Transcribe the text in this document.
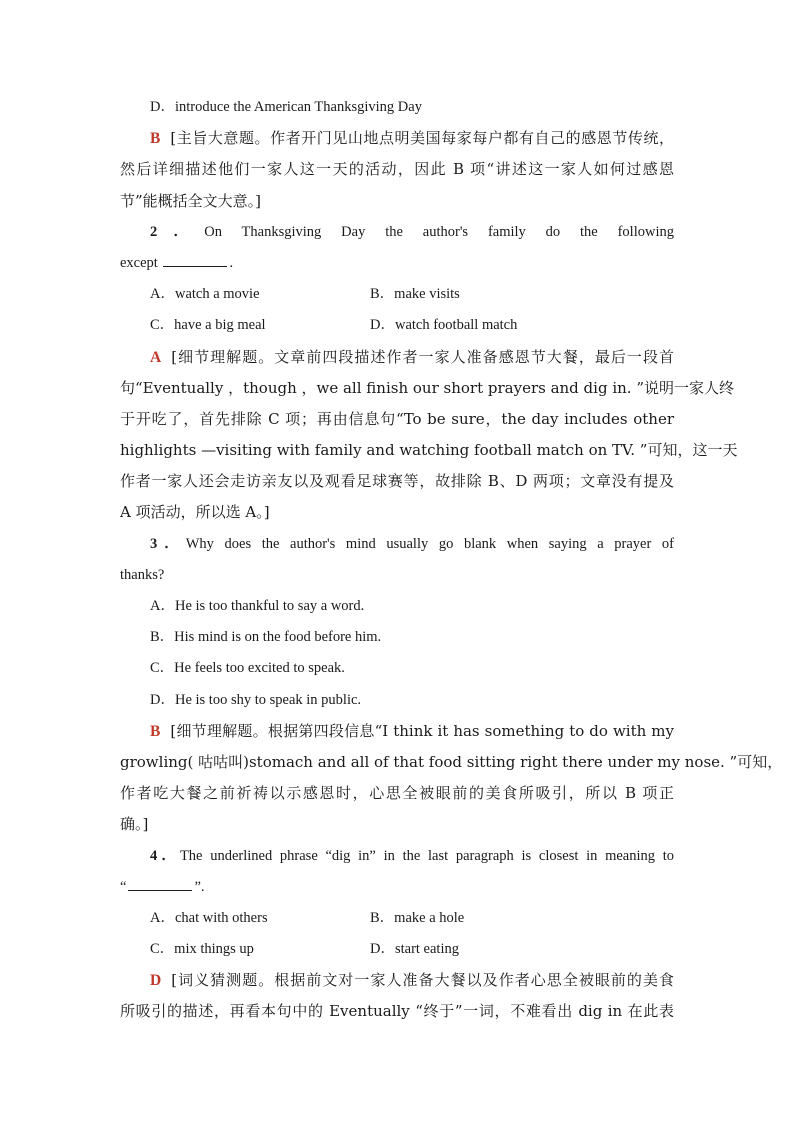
D．introduce the American Thanksgiving Day
B [主旨大意题。作者开门见山地点明美国每家每户都有自己的感恩节传统，
然后详细描述他们一家人这一天的活动，因此 B 项“讲述这一家人如何过感恩
节”能概括全文大意。]
2．On Thanksgiving Day the author's family do the following
except	.
A．watch a movie	B．make visits
C．have a big meal	D．watch football match
A [细节理解题。文章前四段描述作者一家人准备感恩节大餐，最后一段首
句“Eventually ，though ，we all finish our short prayers and dig in. ”说明一家人终
于开吃了，首先排除 C 项；再由信息句“To be sure，the day includes other
highlights —visiting with family and watching football match on TV. ”可知，这一天
作者一家人还会走访亲友以及观看足球赛等，故排除 B、D 两项；文章没有提及
A 项活动，所以选 A。]
3．Why does the author's mind usually go blank when saying a prayer of
thanks?
A．He is too thankful to say a word.
B．His mind is on the food before him.
C．He feels too excited to speak.
D．He is too shy to speak in public.
B [细节理解题。根据第四段信息“I think it has something to do with my
growling( 咕咕叫)stomach and all of that food sitting right there under my nose. ”可知，
作者吃大餐之前祈祷以示感恩时，心思全被眼前的美食所吸引，所以 B 项正
确。]
4．The underlined phrase “dig in” in the last paragraph is closest in meaning to
“	”.
A．chat with others	B．make a hole
C．mix things up	D．start eating
D [词义猜测题。根据前文对一家人准备大餐以及作者心思全被眼前的美食
所吸引的描述，再看本句中的 Eventually “终于”一词，不难看出 dig in 在此表
